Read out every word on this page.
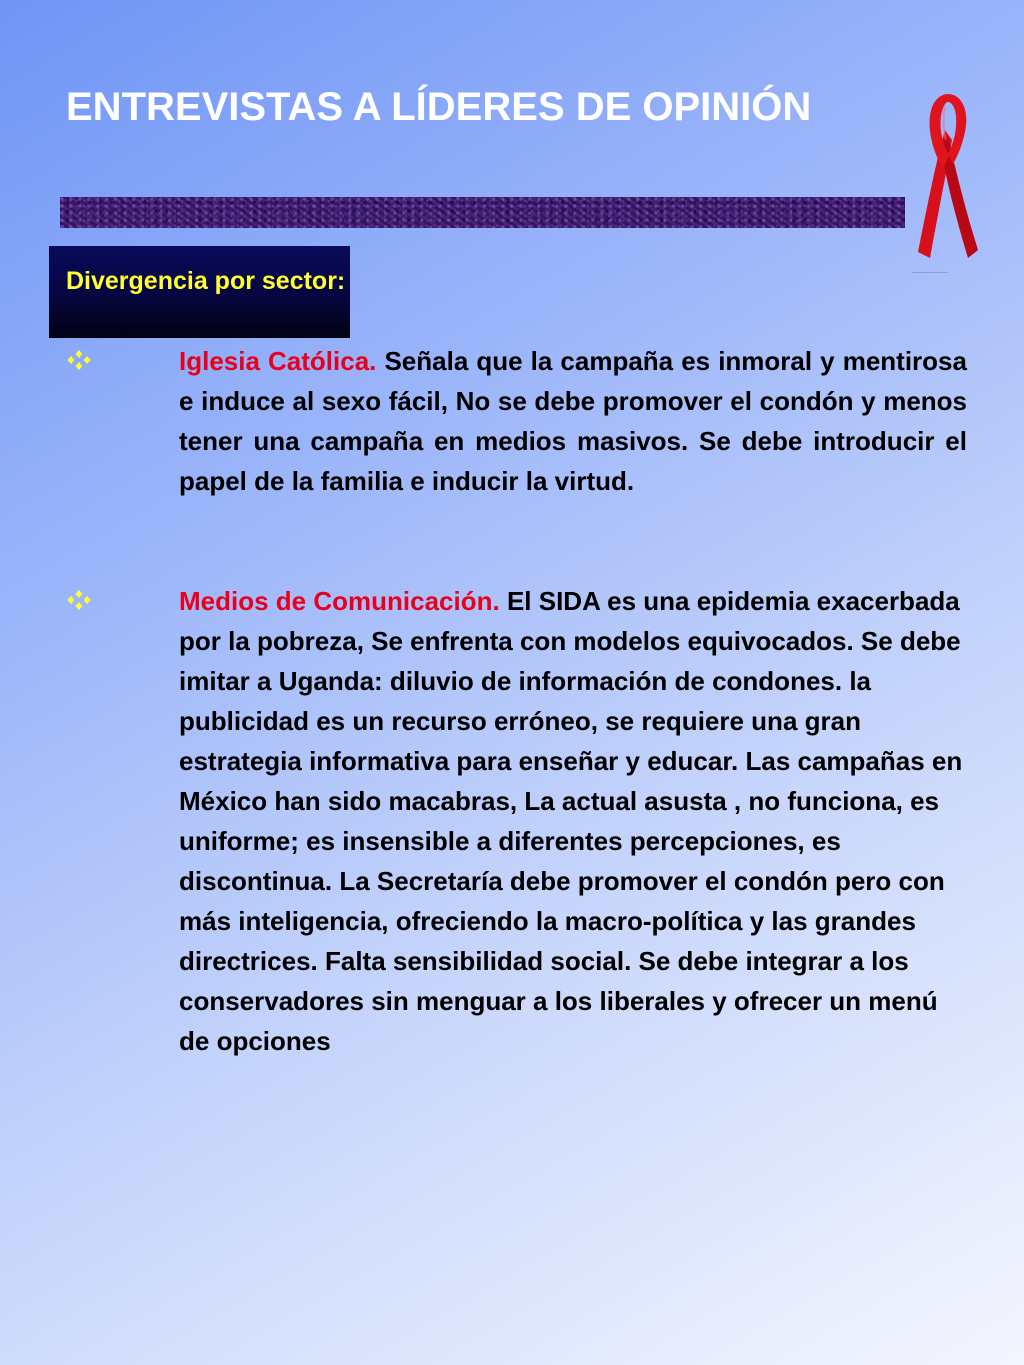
ENTREVISTAS A LÍDERES DE OPINIÓN

Divergencia por sector:

Iglesia Católica. Señala que la campaña es inmoral y mentirosa e induce al sexo fácil, No se debe promover el condón y menos tener una campaña en medios masivos. Se debe introducir el papel de la familia e inducir la virtud.

Medios de Comunicación. El SIDA es una epidemia exacerbada por la pobreza, Se enfrenta con modelos equivocados. Se debe imitar a Uganda: diluvio de información de condones. la publicidad es un recurso erróneo, se requiere una gran estrategia informativa para enseñar y educar. Las campañas en México han sido macabras, La actual asusta , no funciona, es uniforme; es insensible a diferentes percepciones, es discontinua. La Secretaría debe promover el condón pero con más inteligencia, ofreciendo la macro-política y las grandes directrices. Falta sensibilidad social. Se debe integrar a los conservadores sin menguar a los liberales y ofrecer un menú de opciones
